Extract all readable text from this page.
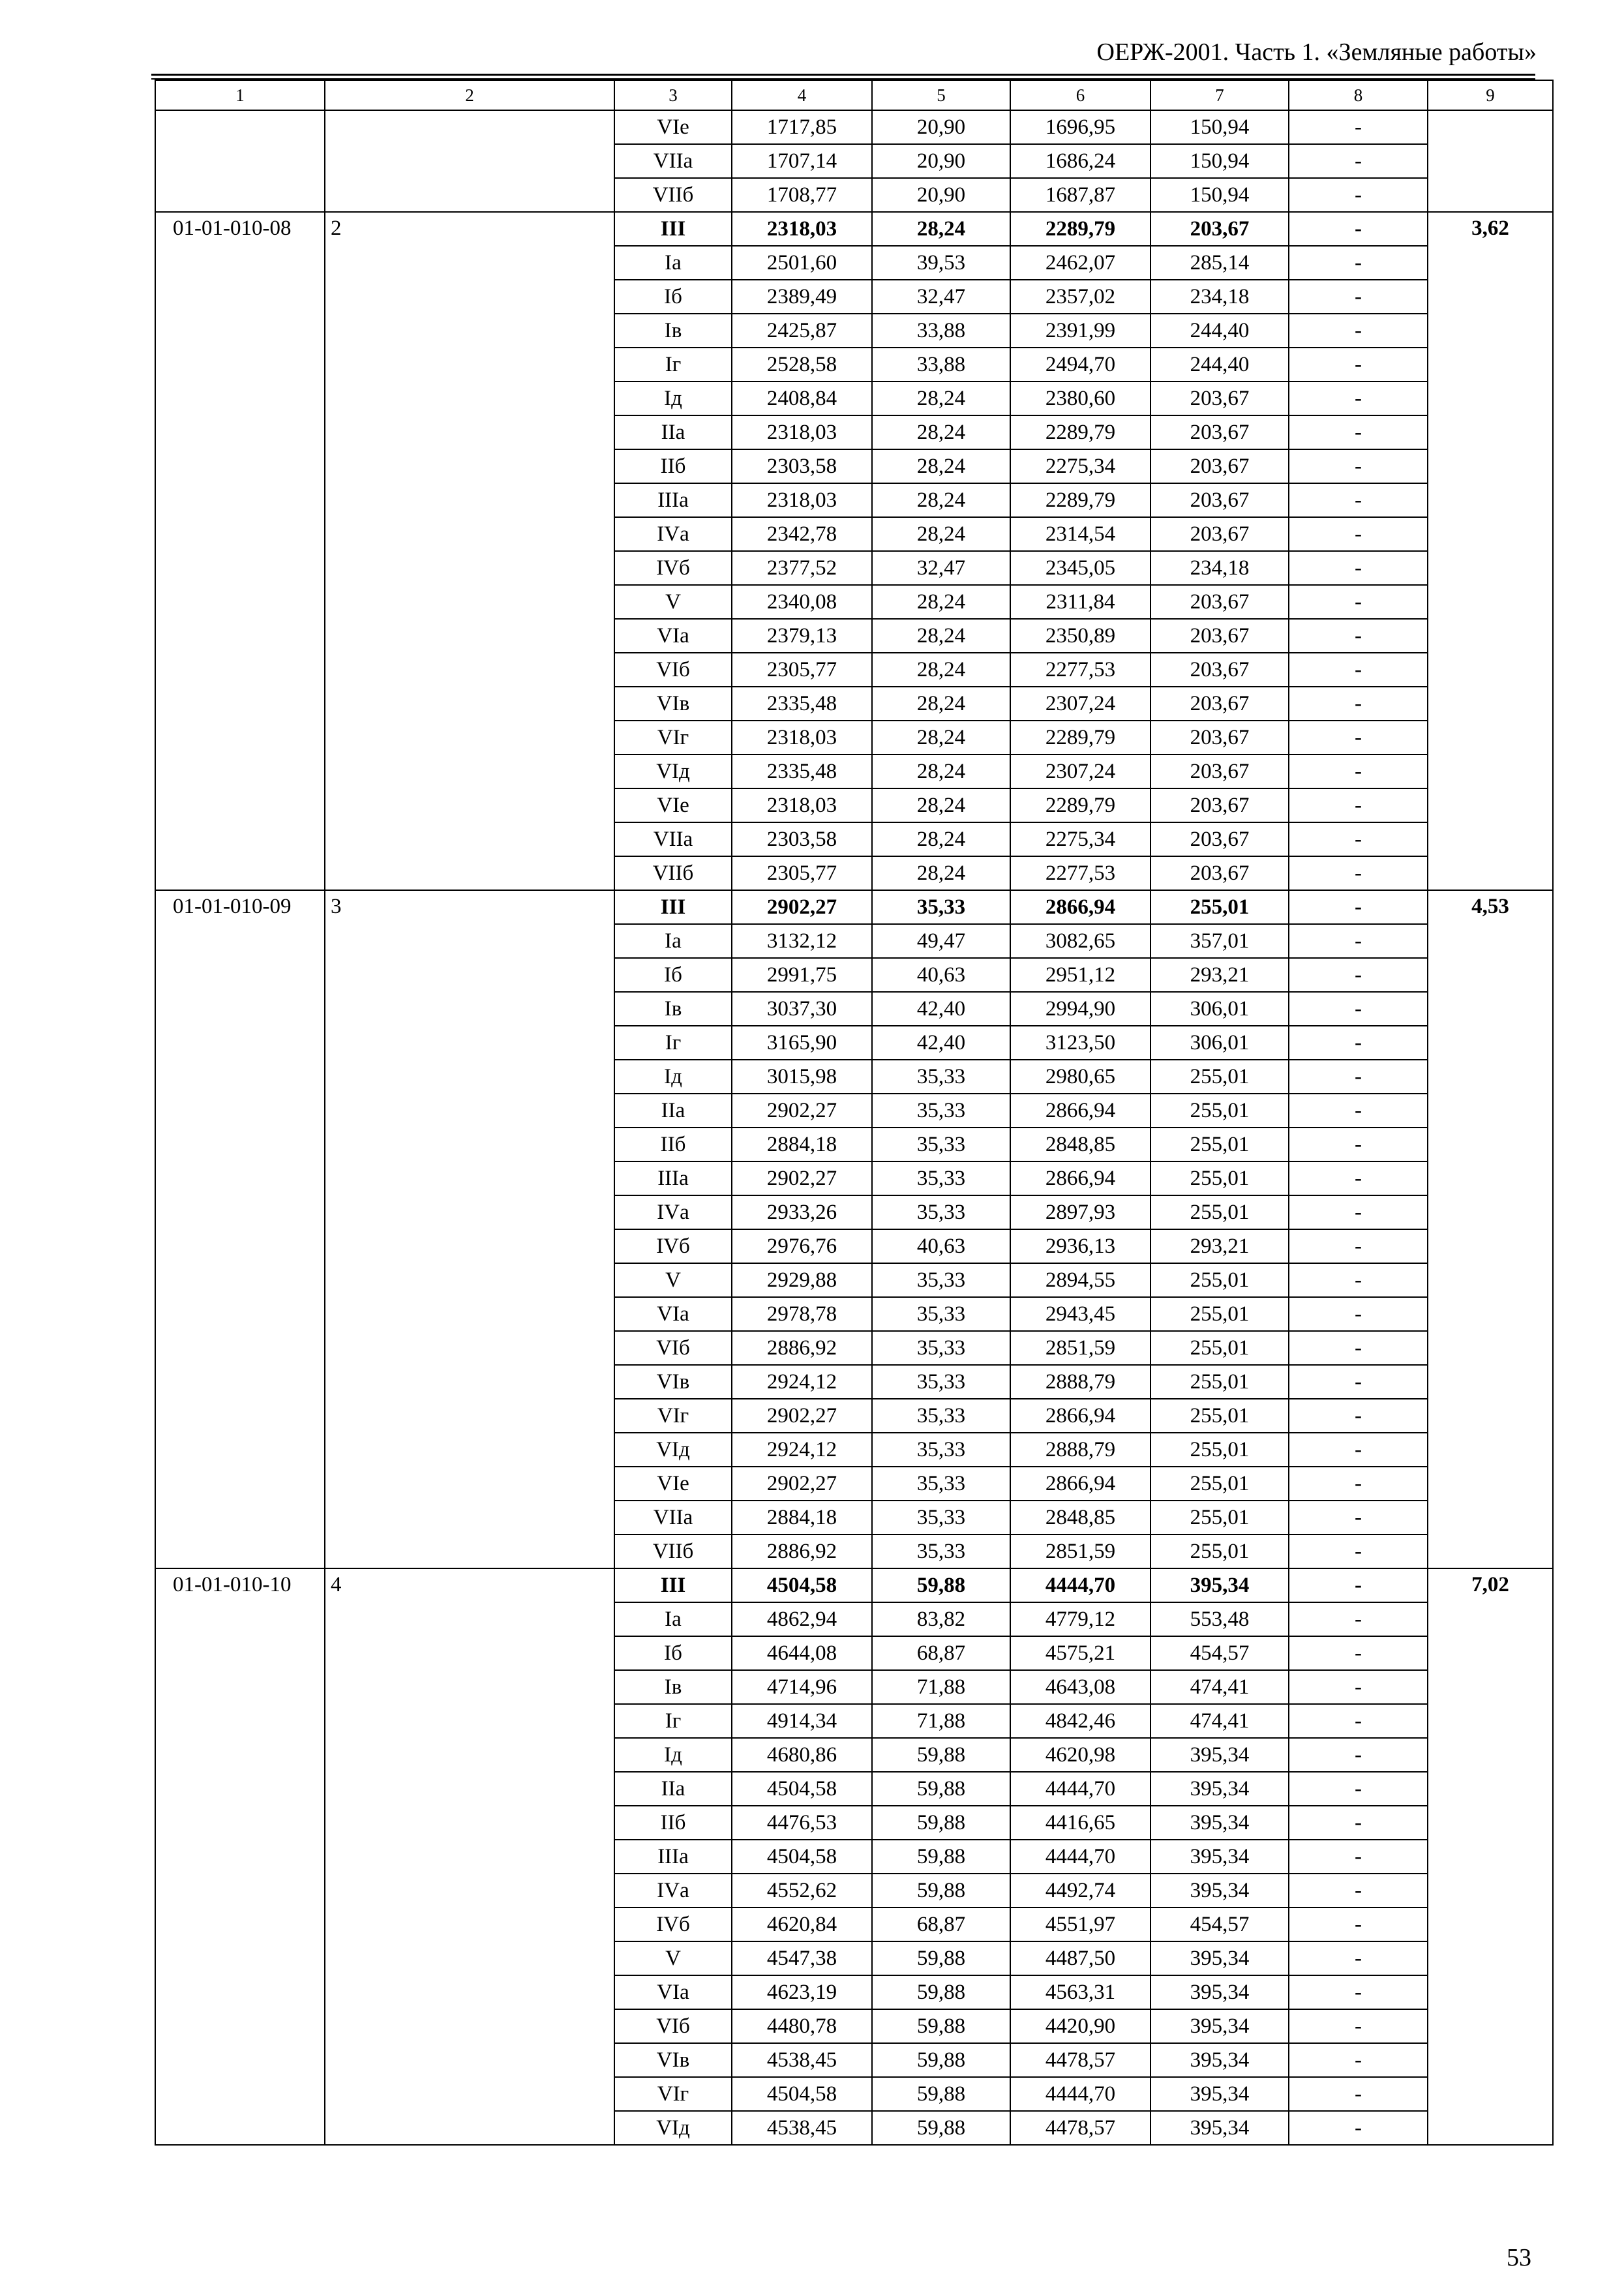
ОЕРЖ-2001. Часть 1. «Земляные работы»
1	2	3	4	5	6	7	8	9
		VIе	1717,85	20,90	1696,95	150,94	-	
		VIIа	1707,14	20,90	1686,24	150,94	-	
		VIIб	1708,77	20,90	1687,87	150,94	-	
01-01-010-08	2	III	2318,03	28,24	2289,79	203,67	-	3,62
		Iа	2501,60	39,53	2462,07	285,14	-	
		Iб	2389,49	32,47	2357,02	234,18	-	
		Iв	2425,87	33,88	2391,99	244,40	-	
		Iг	2528,58	33,88	2494,70	244,40	-	
		Iд	2408,84	28,24	2380,60	203,67	-	
		IIа	2318,03	28,24	2289,79	203,67	-	
		IIб	2303,58	28,24	2275,34	203,67	-	
		IIIа	2318,03	28,24	2289,79	203,67	-	
		IVа	2342,78	28,24	2314,54	203,67	-	
		IVб	2377,52	32,47	2345,05	234,18	-	
		V	2340,08	28,24	2311,84	203,67	-	
		VIа	2379,13	28,24	2350,89	203,67	-	
		VIб	2305,77	28,24	2277,53	203,67	-	
		VIв	2335,48	28,24	2307,24	203,67	-	
		VIг	2318,03	28,24	2289,79	203,67	-	
		VIд	2335,48	28,24	2307,24	203,67	-	
		VIе	2318,03	28,24	2289,79	203,67	-	
		VIIа	2303,58	28,24	2275,34	203,67	-	
		VIIб	2305,77	28,24	2277,53	203,67	-	
01-01-010-09	3	III	2902,27	35,33	2866,94	255,01	-	4,53
		Iа	3132,12	49,47	3082,65	357,01	-	
		Iб	2991,75	40,63	2951,12	293,21	-	
		Iв	3037,30	42,40	2994,90	306,01	-	
		Iг	3165,90	42,40	3123,50	306,01	-	
		Iд	3015,98	35,33	2980,65	255,01	-	
		IIа	2902,27	35,33	2866,94	255,01	-	
		IIб	2884,18	35,33	2848,85	255,01	-	
		IIIа	2902,27	35,33	2866,94	255,01	-	
		IVа	2933,26	35,33	2897,93	255,01	-	
		IVб	2976,76	40,63	2936,13	293,21	-	
		V	2929,88	35,33	2894,55	255,01	-	
		VIа	2978,78	35,33	2943,45	255,01	-	
		VIб	2886,92	35,33	2851,59	255,01	-	
		VIв	2924,12	35,33	2888,79	255,01	-	
		VIг	2902,27	35,33	2866,94	255,01	-	
		VIд	2924,12	35,33	2888,79	255,01	-	
		VIе	2902,27	35,33	2866,94	255,01	-	
		VIIа	2884,18	35,33	2848,85	255,01	-	
		VIIб	2886,92	35,33	2851,59	255,01	-	
01-01-010-10	4	III	4504,58	59,88	4444,70	395,34	-	7,02
		Iа	4862,94	83,82	4779,12	553,48	-	
		Iб	4644,08	68,87	4575,21	454,57	-	
		Iв	4714,96	71,88	4643,08	474,41	-	
		Iг	4914,34	71,88	4842,46	474,41	-	
		Iд	4680,86	59,88	4620,98	395,34	-	
		IIа	4504,58	59,88	4444,70	395,34	-	
		IIб	4476,53	59,88	4416,65	395,34	-	
		IIIа	4504,58	59,88	4444,70	395,34	-	
		IVа	4552,62	59,88	4492,74	395,34	-	
		IVб	4620,84	68,87	4551,97	454,57	-	
		V	4547,38	59,88	4487,50	395,34	-	
		VIа	4623,19	59,88	4563,31	395,34	-	
		VIб	4480,78	59,88	4420,90	395,34	-	
		VIв	4538,45	59,88	4478,57	395,34	-	
		VIг	4504,58	59,88	4444,70	395,34	-	
		VIд	4538,45	59,88	4478,57	395,34	-	
53
